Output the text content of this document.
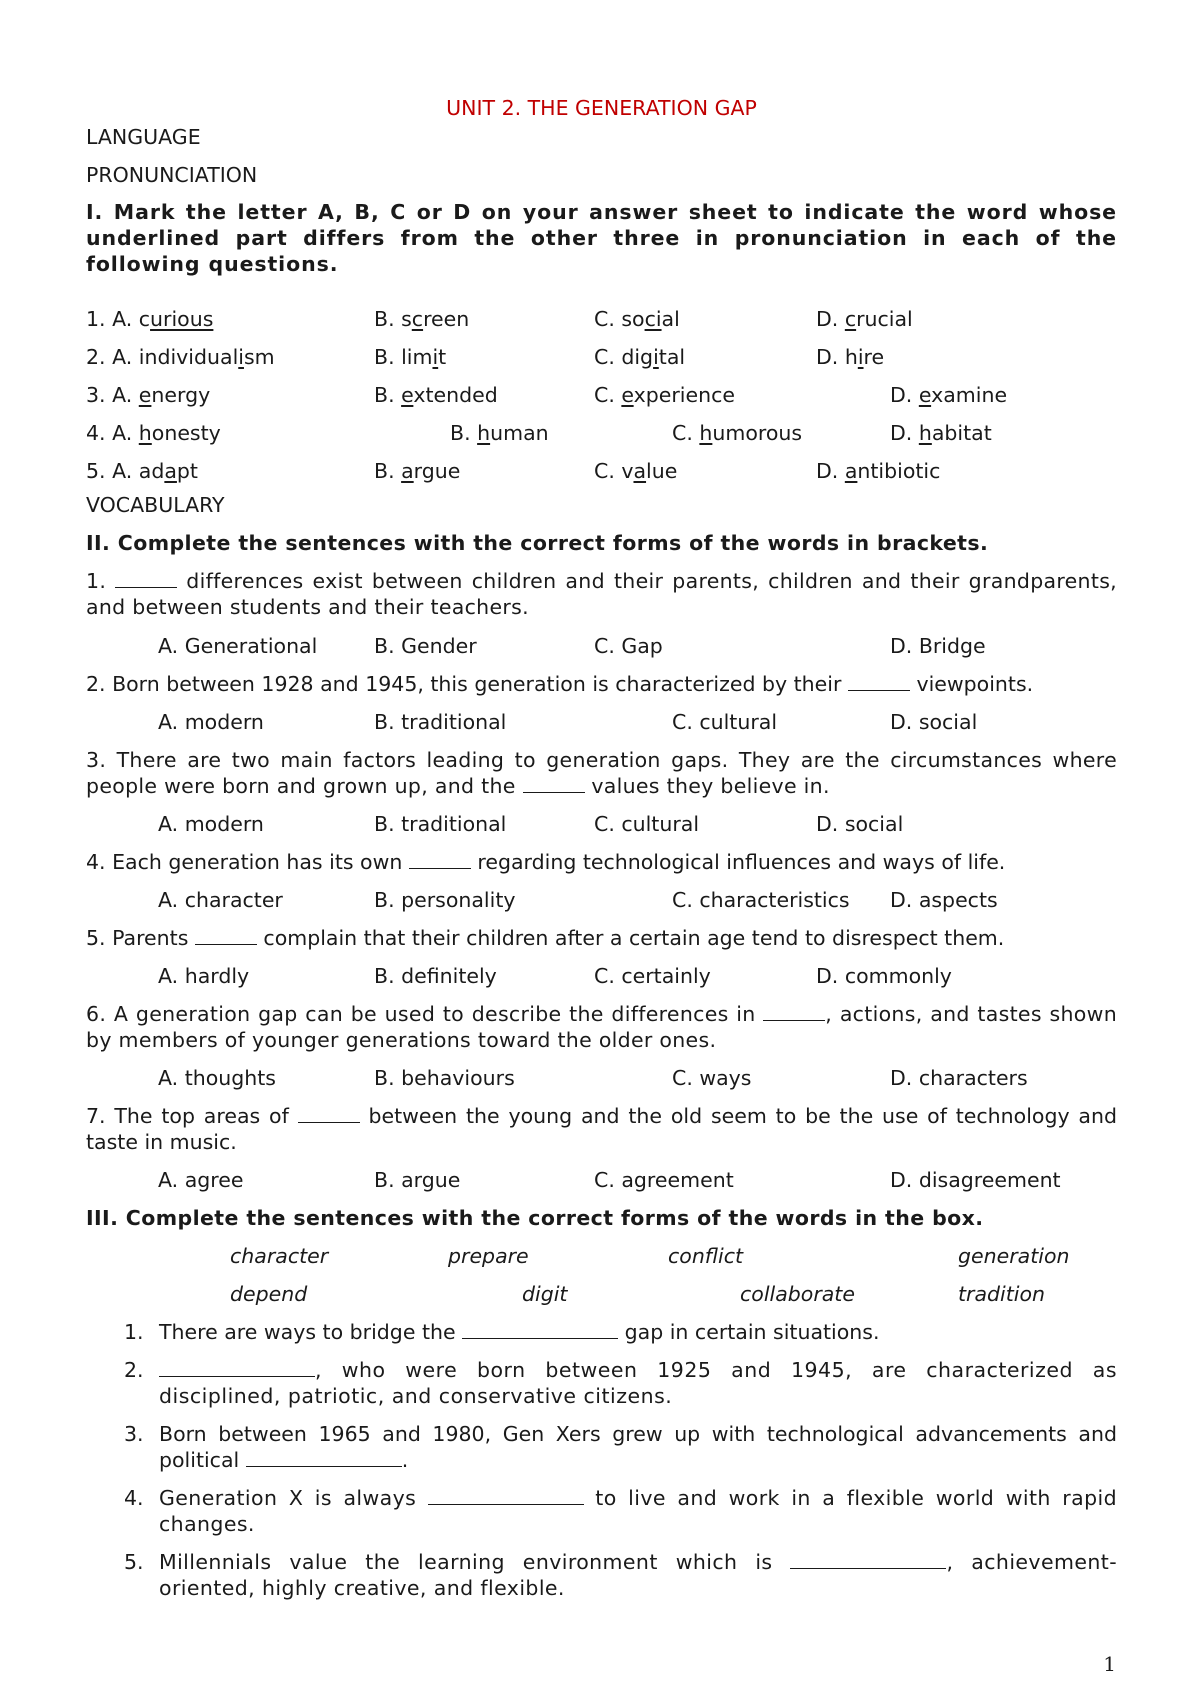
UNIT 2. THE GENERATION GAP
LANGUAGE
PRONUNCIATION
I. Mark the letter A, B, C or D on your answer sheet to indicate the word whose underlined part differs from the other three in pronunciation in each of the following questions.
1. A. curious	B. screen	C. social	D. crucial
2. A. individualism	B. limit	C. digital	D. hire
3. A. energy	B. extended	C. experience	D. examine
4. A. honesty	B. human	C. humorous	D. habitat
5. A. adapt	B. argue	C. value	D. antibiotic
VOCABULARY
II. Complete the sentences with the correct forms of the words in brackets.
1.	differences exist between children and their parents, children and their grandparents, and between students and their teachers.
A. Generational	B. Gender	C. Gap	D. Bridge
2. Born between 1928 and 1945, this generation is characterized by their	viewpoints.
A. modern	B. traditional	C. cultural	D. social
3. There are two main factors leading to generation gaps. They are the circumstances where people were born and grown up, and the	values they believe in.
A. modern	B. traditional	C. cultural	D. social
4. Each generation has its own	regarding technological influences and ways of life.
A. character	B. personality	C. characteristics D. aspects
5. Parents	complain that their children after a certain age tend to disrespect them.
A. hardly	B. definitely	C. certainly	D. commonly
6. A generation gap can be used to describe the differences in	, actions, and tastes shown by members of younger generations toward the older ones.
A. thoughts	B. behaviours	C. ways	D. characters
7. The top areas of	between the young and the old seem to be the use of technology and taste in music.
A. agree	B. argue	C. agreement	D. disagreement
III. Complete the sentences with the correct forms of the words in the box.
character	prepare	conflict	generation
depend	digit	collaborate	tradition
1. There are ways to bridge the	gap in certain situations.
2.	, who were born between 1925 and 1945, are characterized as disciplined, patriotic, and conservative citizens.
3. Born between 1965 and 1980, Gen Xers grew up with technological advancements and political	.
4. Generation X is always	to live and work in a flexible world with rapid changes.
5. Millennials value the learning environment which is	, achievement-oriented, highly creative, and flexible.
1
